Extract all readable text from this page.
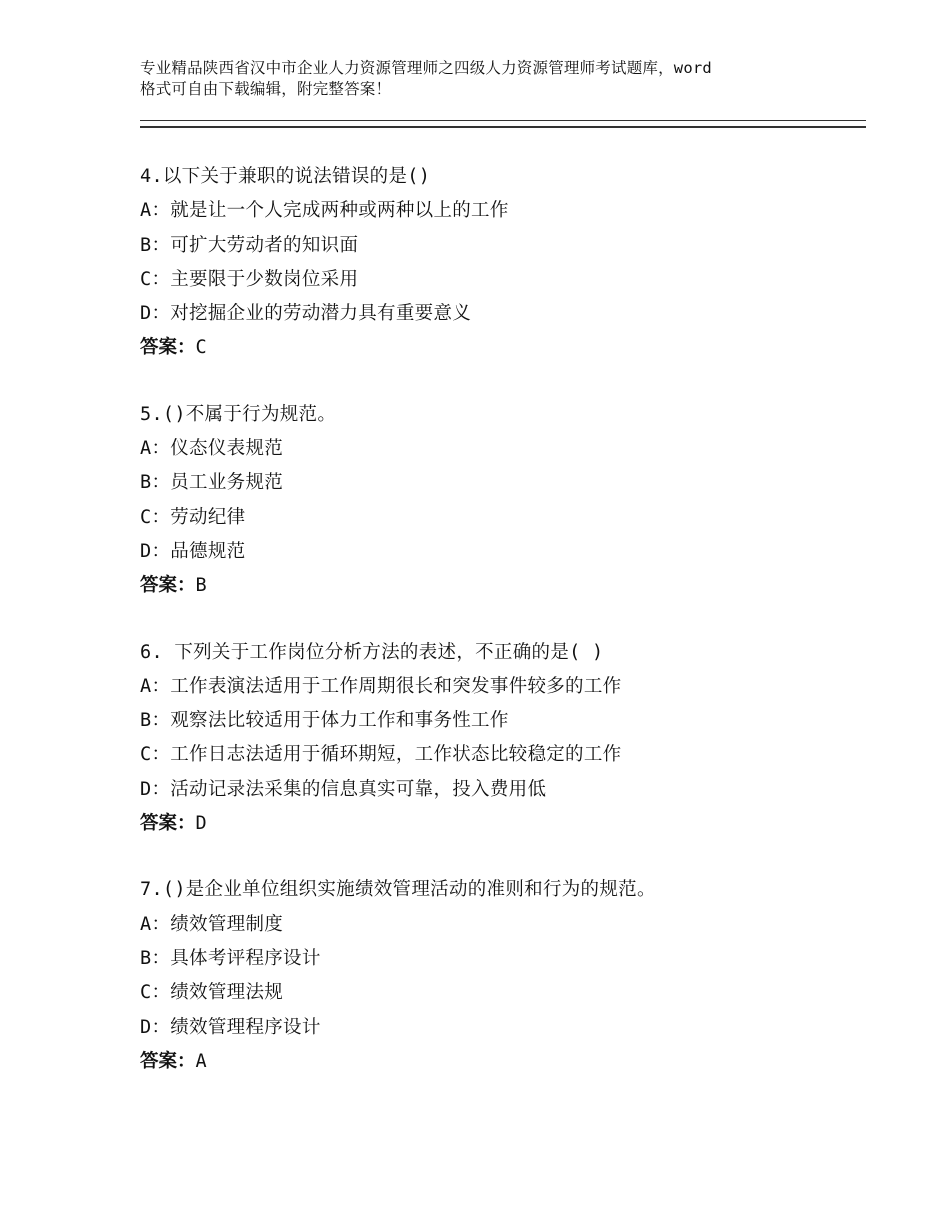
专业精品陕西省汉中市企业人力资源管理师之四级人力资源管理师考试题库，word
格式可自由下载编辑，附完整答案！
4.以下关于兼职的说法错误的是()
A：就是让一个人完成两种或两种以上的工作
B：可扩大劳动者的知识面
C：主要限于少数岗位采用
D：对挖掘企业的劳动潜力具有重要意义
答案：C
5.()不属于行为规范。
A：仪态仪表规范
B：员工业务规范
C：劳动纪律
D：品德规范
答案：B
6. 下列关于工作岗位分析方法的表述，不正确的是( )
A：工作表演法适用于工作周期很长和突发事件较多的工作
B：观察法比较适用于体力工作和事务性工作
C：工作日志法适用于循环期短，工作状态比较稳定的工作
D：活动记录法采集的信息真实可靠，投入费用低
答案：D
7.()是企业单位组织实施绩效管理活动的准则和行为的规范。
A：绩效管理制度
B：具体考评程序设计
C：绩效管理法规
D：绩效管理程序设计
答案：A
